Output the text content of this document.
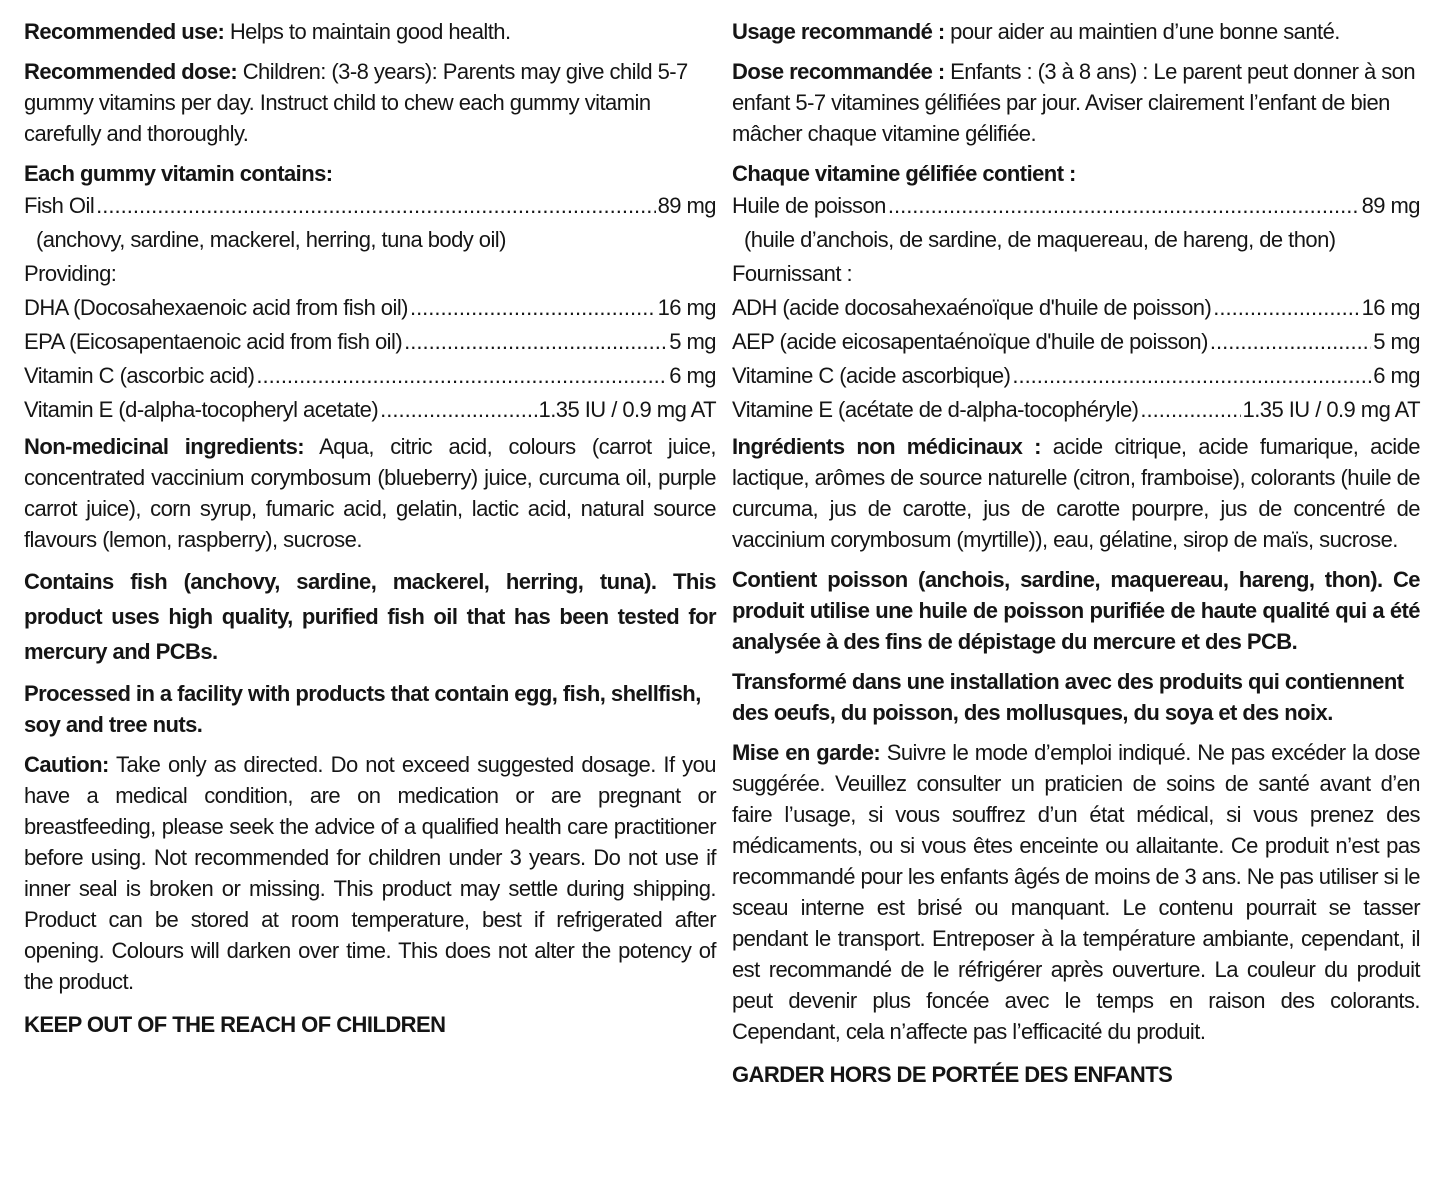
Recommended use: Helps to maintain good health.
Recommended dose: Children: (3-8 years): Parents may give child 5-7 gummy vitamins per day. Instruct child to chew each gummy vitamin carefully and thoroughly.
Each gummy vitamin contains:
Fish Oil .....	89 mg
(anchovy, sardine, mackerel, herring, tuna body oil)
Providing:
DHA (Docosahexaenoic acid from fish oil) .....	16 mg
EPA (Eicosapentaenoic acid from fish oil) .....	5 mg
Vitamin C (ascorbic acid) .....	6 mg
Vitamin E (d-alpha-tocopheryl acetate) .....	1.35 IU / 0.9 mg AT
Non-medicinal ingredients: Aqua, citric acid, colours (carrot juice, concentrated vaccinium corymbosum (blueberry) juice, curcuma oil, purple carrot juice), corn syrup, fumaric acid, gelatin, lactic acid, natural source flavours (lemon, raspberry), sucrose.
Contains fish (anchovy, sardine, mackerel, herring, tuna). This product uses high quality, purified fish oil that has been tested for mercury and PCBs.
Processed in a facility with products that contain egg, fish, shellfish, soy and tree nuts.
Caution: Take only as directed. Do not exceed suggested dosage. If you have a medical condition, are on medication or are pregnant or breastfeeding, please seek the advice of a qualified health care practitioner before using. Not recommended for children under 3 years. Do not use if inner seal is broken or missing. This product may settle during shipping. Product can be stored at room temperature, best if refrigerated after opening. Colours will darken over time. This does not alter the potency of the product.
KEEP OUT OF THE REACH OF CHILDREN
Usage recommandé : pour aider au maintien d’une bonne santé.
Dose recommandée : Enfants : (3 à 8 ans) : Le parent peut donner à son enfant 5-7 vitamines gélifiées par jour. Aviser clairement l’enfant de bien mâcher chaque vitamine gélifiée.
Chaque vitamine gélifiée contient :
Huile de poisson .....	89 mg
(huile d’anchois, de sardine, de maquereau, de hareng, de thon)
Fournissant :
ADH (acide docosahexaénoïque d'huile de poisson) .....	16 mg
AEP (acide eicosapentaénoïque d'huile de poisson) .....	5 mg
Vitamine C (acide ascorbique) .....	6 mg
Vitamine E (acétate de d-alpha-tocophéryle) .....	1.35 IU / 0.9 mg AT
Ingrédients non médicinaux : acide citrique, acide fumarique, acide lactique, arômes de source naturelle (citron, framboise), colorants (huile de curcuma, jus de carotte, jus de carotte pourpre, jus de concentré de vaccinium corymbosum (myrtille)), eau, gélatine, sirop de maïs, sucrose.
Contient poisson (anchois, sardine, maquereau, hareng, thon). Ce produit utilise une huile de poisson purifiée de haute qualité qui a été analysée à des fins de dépistage du mercure et des PCB.
Transformé dans une installation avec des produits qui contiennent des oeufs, du poisson, des mollusques, du soya et des noix.
Mise en garde: Suivre le mode d’emploi indiqué. Ne pas excéder la dose suggérée. Veuillez consulter un praticien de soins de santé avant d’en faire l’usage, si vous souffrez d’un état médical, si vous prenez des médicaments, ou si vous êtes enceinte ou allaitante. Ce produit n’est pas recommandé pour les enfants âgés de moins de 3 ans. Ne pas utiliser si le sceau interne est brisé ou manquant. Le contenu pourrait se tasser pendant le transport. Entreposer à la température ambiante, cependant, il est recommandé de le réfrigérer après ouverture. La couleur du produit peut devenir plus foncée avec le temps en raison des colorants. Cependant, cela n’affecte pas l’efficacité du produit.
GARDER HORS DE PORTÉE DES ENFANTS
